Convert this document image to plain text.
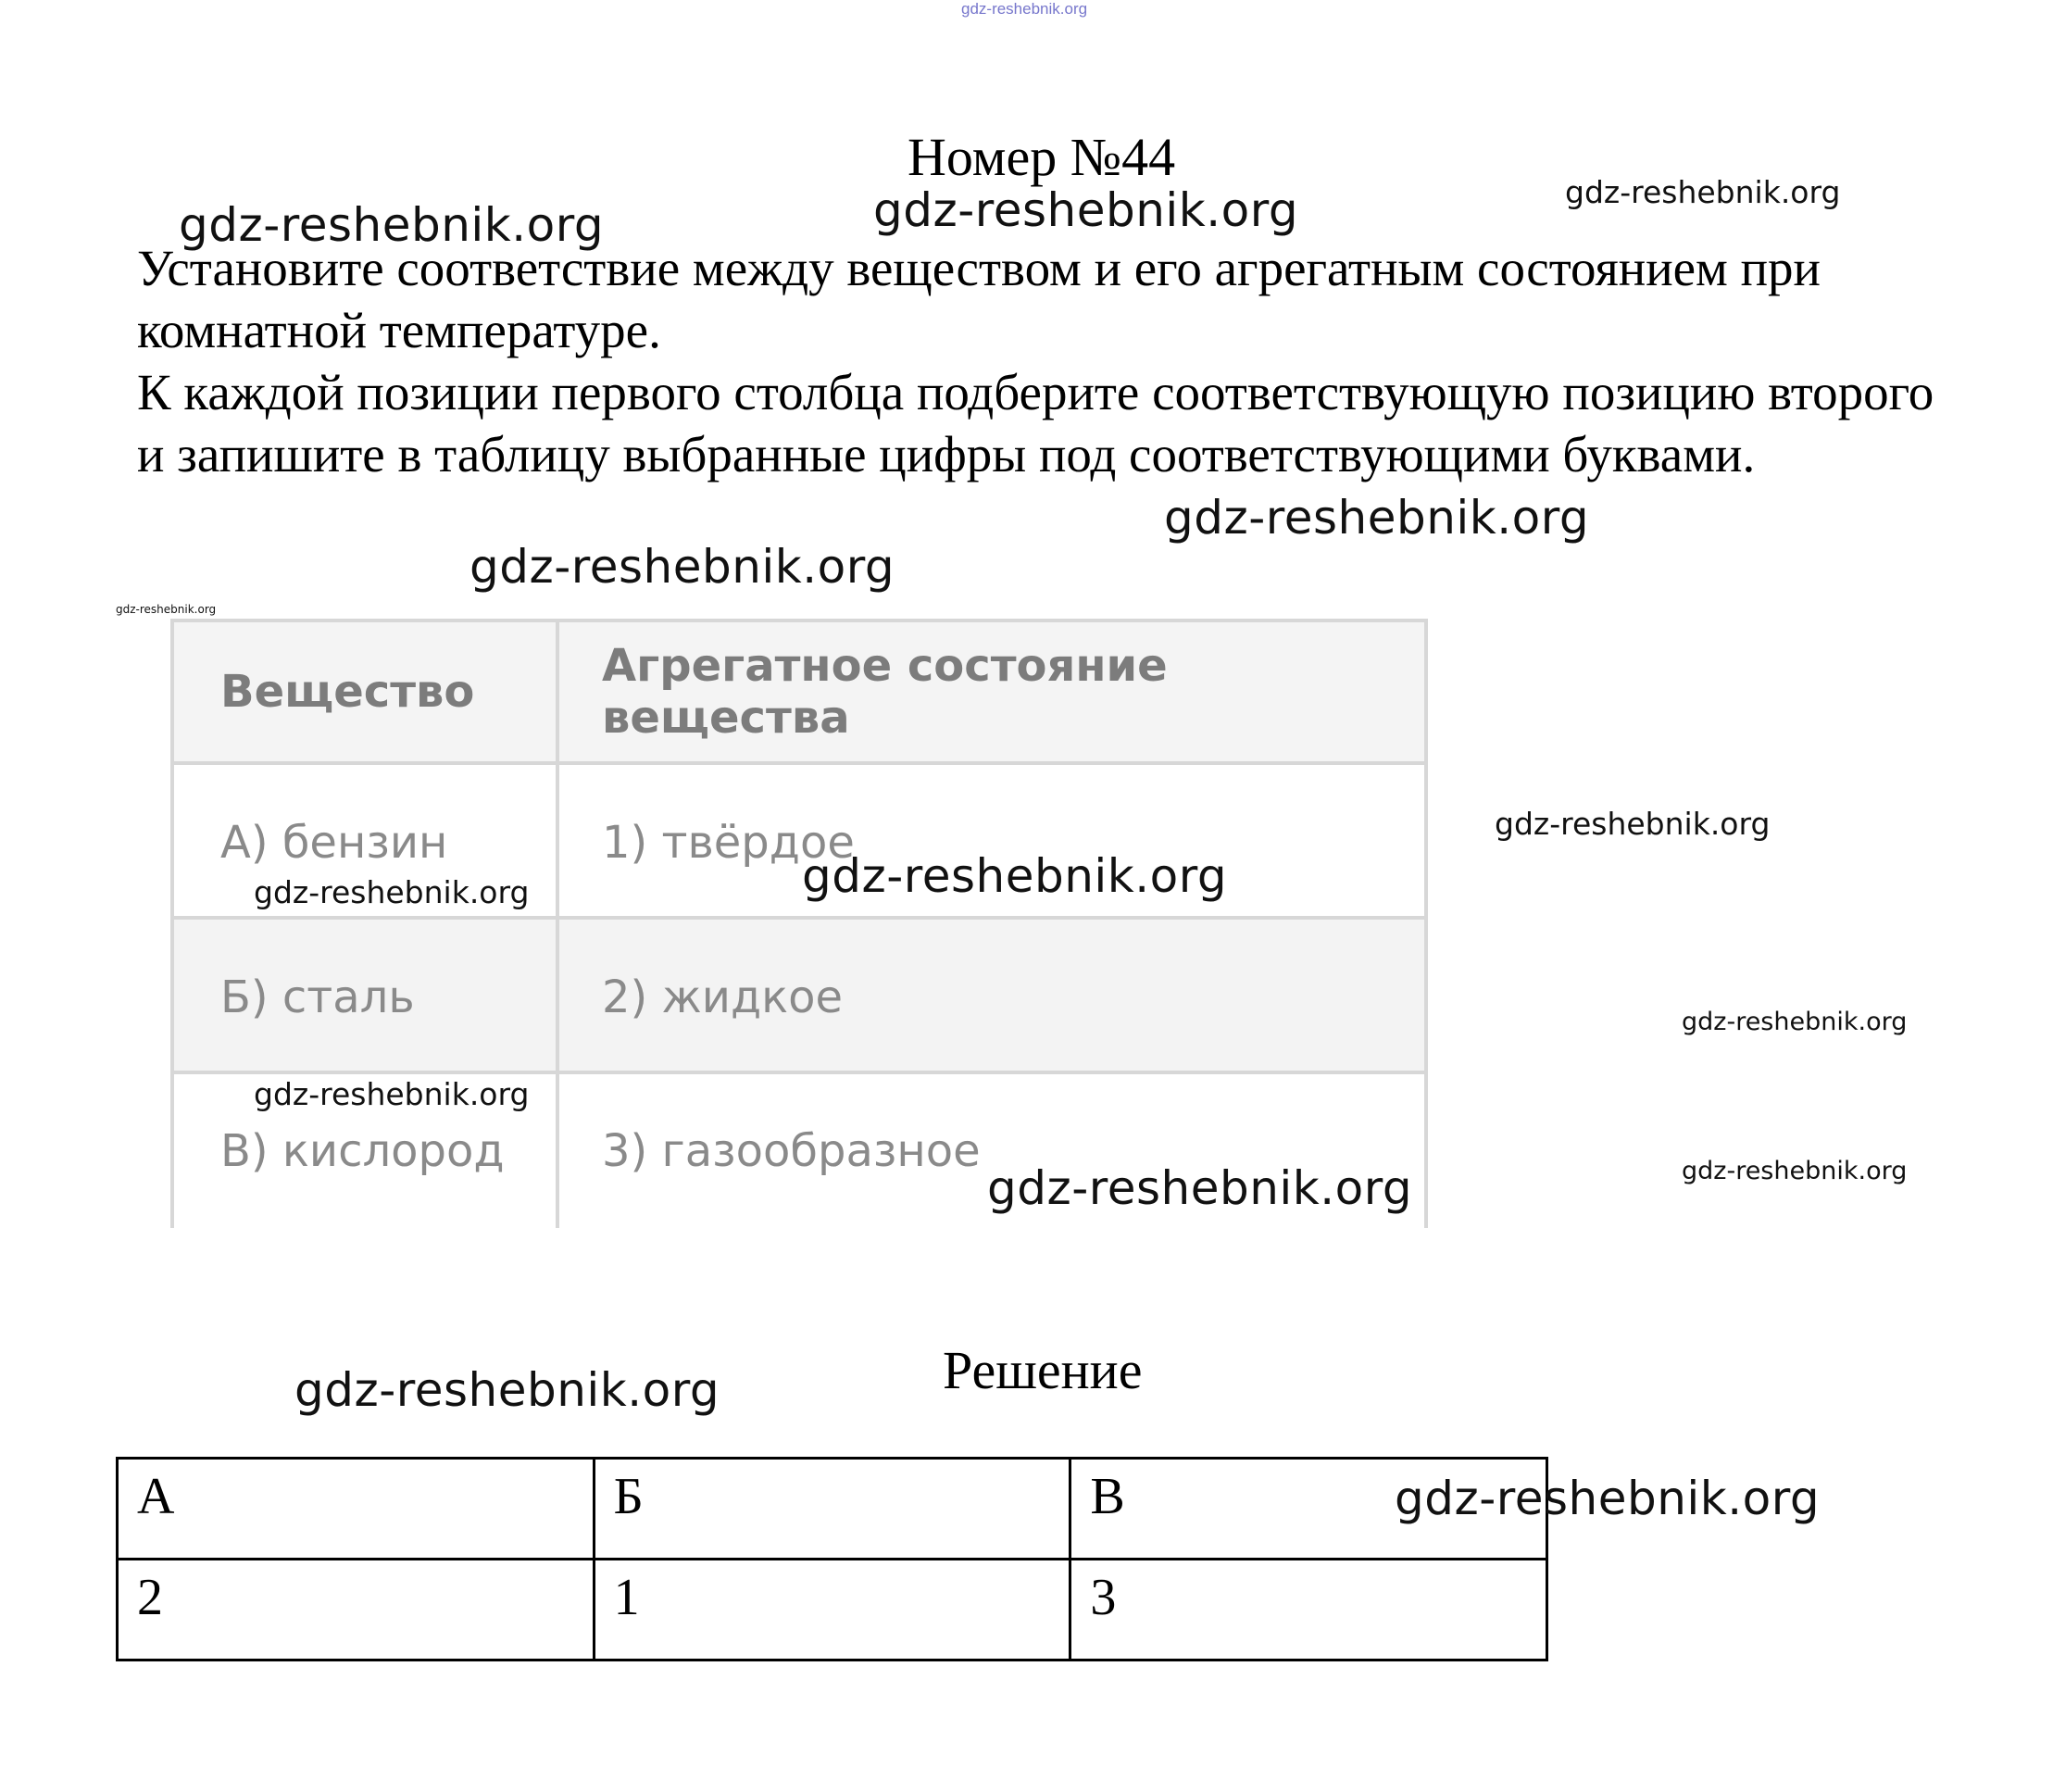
gdz-reshebnik.org
Номер №44

Установите соответствие между веществом и его агрегатным состоянием при комнатной температуре.

К каждой позиции первого столбца подберите соответствующую позицию второго и запишите в таблицу выбранные цифры под соответствующими буквами.

Вещество	Агрегатное состояние вещества
А) бензин	1) твёрдое
Б) сталь	2) жидкое
В) кислород	3) газообразное
Решение
А	Б	В
2	1	3
gdz-reshebnik.org	gdz-reshebnik.org	gdz-reshebnik.org
gdz-reshebnik.org
gdz-reshebnik.org
gdz-reshebnik.org
gdz-reshebnik.org
gdz-reshebnik.org	gdz-reshebnik.org
gdz-reshebnik.org
gdz-reshebnik.org
gdz-reshebnik.org
gdz-reshebnik.org
gdz-reshebnik.org
gdz-reshebnik.org
